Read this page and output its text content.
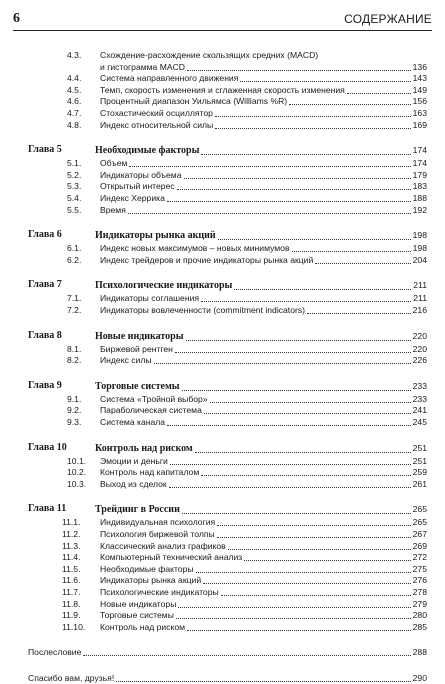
6	СОДЕРЖАНИЕ
4.3. Схождение-расхождение скользящих средних (MACD)
и гистограмма MACD	136
4.4. Система направленного движения	143
4.5. Темп, скорость изменения и сглаженная скорость изменения	149
4.6. Процентный диапазон Уильямса (Williams %R)	156
4.7. Стохастический осциллятор	163
4.8. Индекс относительной силы	169
Глава 5	Необходимые факторы	174
5.1. Объем	174
5.2. Индикаторы объема	179
5.3. Открытый интерес	183
5.4. Индекс Херрика	188
5.5. Время	192
Глава 6	Индикаторы рынка акций	198
6.1. Индекс новых максимумов – новых минимумов	198
6.2. Индекс трейдеров и прочие индикаторы рынка акций	204
Глава 7	Психологические индикаторы	211
7.1. Индикаторы соглашения	211
7.2. Индикаторы вовлеченности (commitment indicators)	216
Глава 8	Новые индикаторы	220
8.1. Биржевой рентген	220
8.2. Индекс силы	226
Глава 9	Торговые системы	233
9.1. Система «Тройной выбор»	233
9.2. Параболическая система	241
9.3. Система канала	245
Глава 10	Контроль над риском	251
10.1. Эмоции и деньги	251
10.2. Контроль над капиталом	259
10.3. Выход из сделок	261
Глава 11	Трейдинг в России	265
11.1. Индивидуальная психология	265
11.2. Психология биржевой толпы	267
11.3. Классический анализ графиков	269
11.4. Компьютерный технический анализ	272
11.5. Необходимые факторы	275
11.6. Индикаторы рынка акций	276
11.7. Психологические индикаторы	278
11.8. Новые индикаторы	279
11.9. Торговые системы	280
11.10. Контроль над риском	285
Послесловие	288
Спасибо вам, друзья!	290
